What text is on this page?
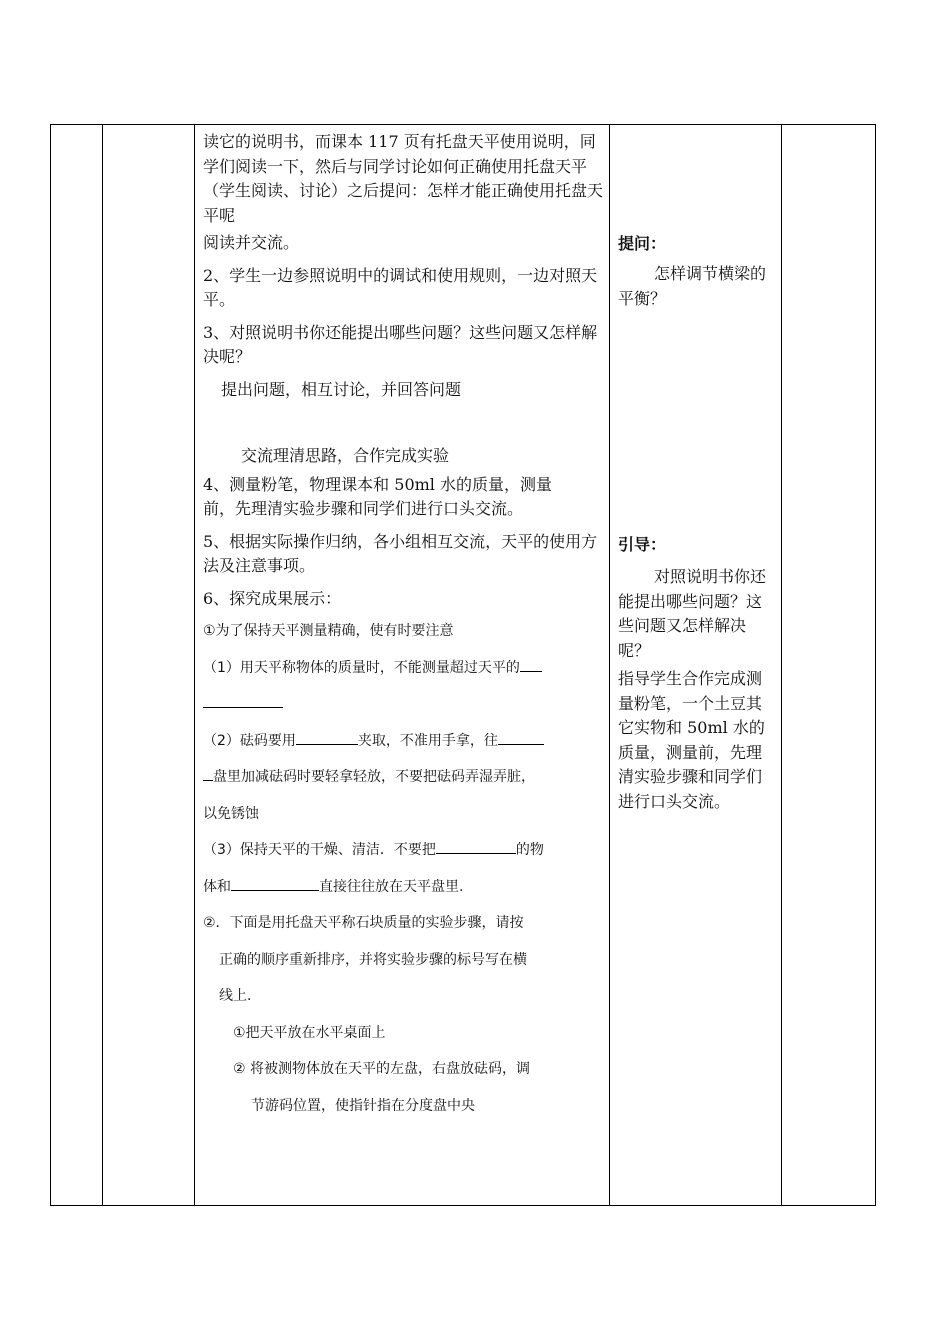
读它的说明书，而课本 117 页有托盘天平使用说明，同学们阅读一下，然后与同学讨论如何正确使用托盘天平（学生阅读、讨论）之后提问：怎样才能正确使用托盘天平呢

阅读并交流。

2、学生一边参照说明中的调试和使用规则，一边对照天平。

3、对照说明书你还能提出哪些问题？这些问题又怎样解决呢？

提出问题，相互讨论，并回答问题

交流理清思路，合作完成实验

4、测量粉笔，物理课本和 50ml 水的质量，测量前，先理清实验步骤和同学们进行口头交流。

5、根据实际操作归纳，各小组相互交流，天平的使用方法及注意事项。

6、探究成果展示：

①为了保持天平测量精确，使有时要注意

（1）用天平称物体的质量时，不能测量超过天平的

（2）砝码要用	夹取，不准用手拿，往

盘里加减砝码时要轻拿轻放，不要把砝码弄湿弄脏，

以免锈蚀

（3）保持天平的干燥、清洁．不要把	的物

体和	直接往往放在天平盘里.

②．下面是用托盘天平称石块质量的实验步骤，请按

正确的顺序重新排序，并将实验步骤的标号写在横

线上.

①把天平放在水平桌面上

② 将被测物体放在天平的左盘，右盘放砝码，调

节游码位置，使指针指在分度盘中央

提问：

怎样调节横梁的平衡？

引导：

对照说明书你还能提出哪些问题？这些问题又怎样解决呢？

指导学生合作完成测量粉笔，一个土豆其它实物和 50ml 水的质量，测量前，先理清实验步骤和同学们进行口头交流。
